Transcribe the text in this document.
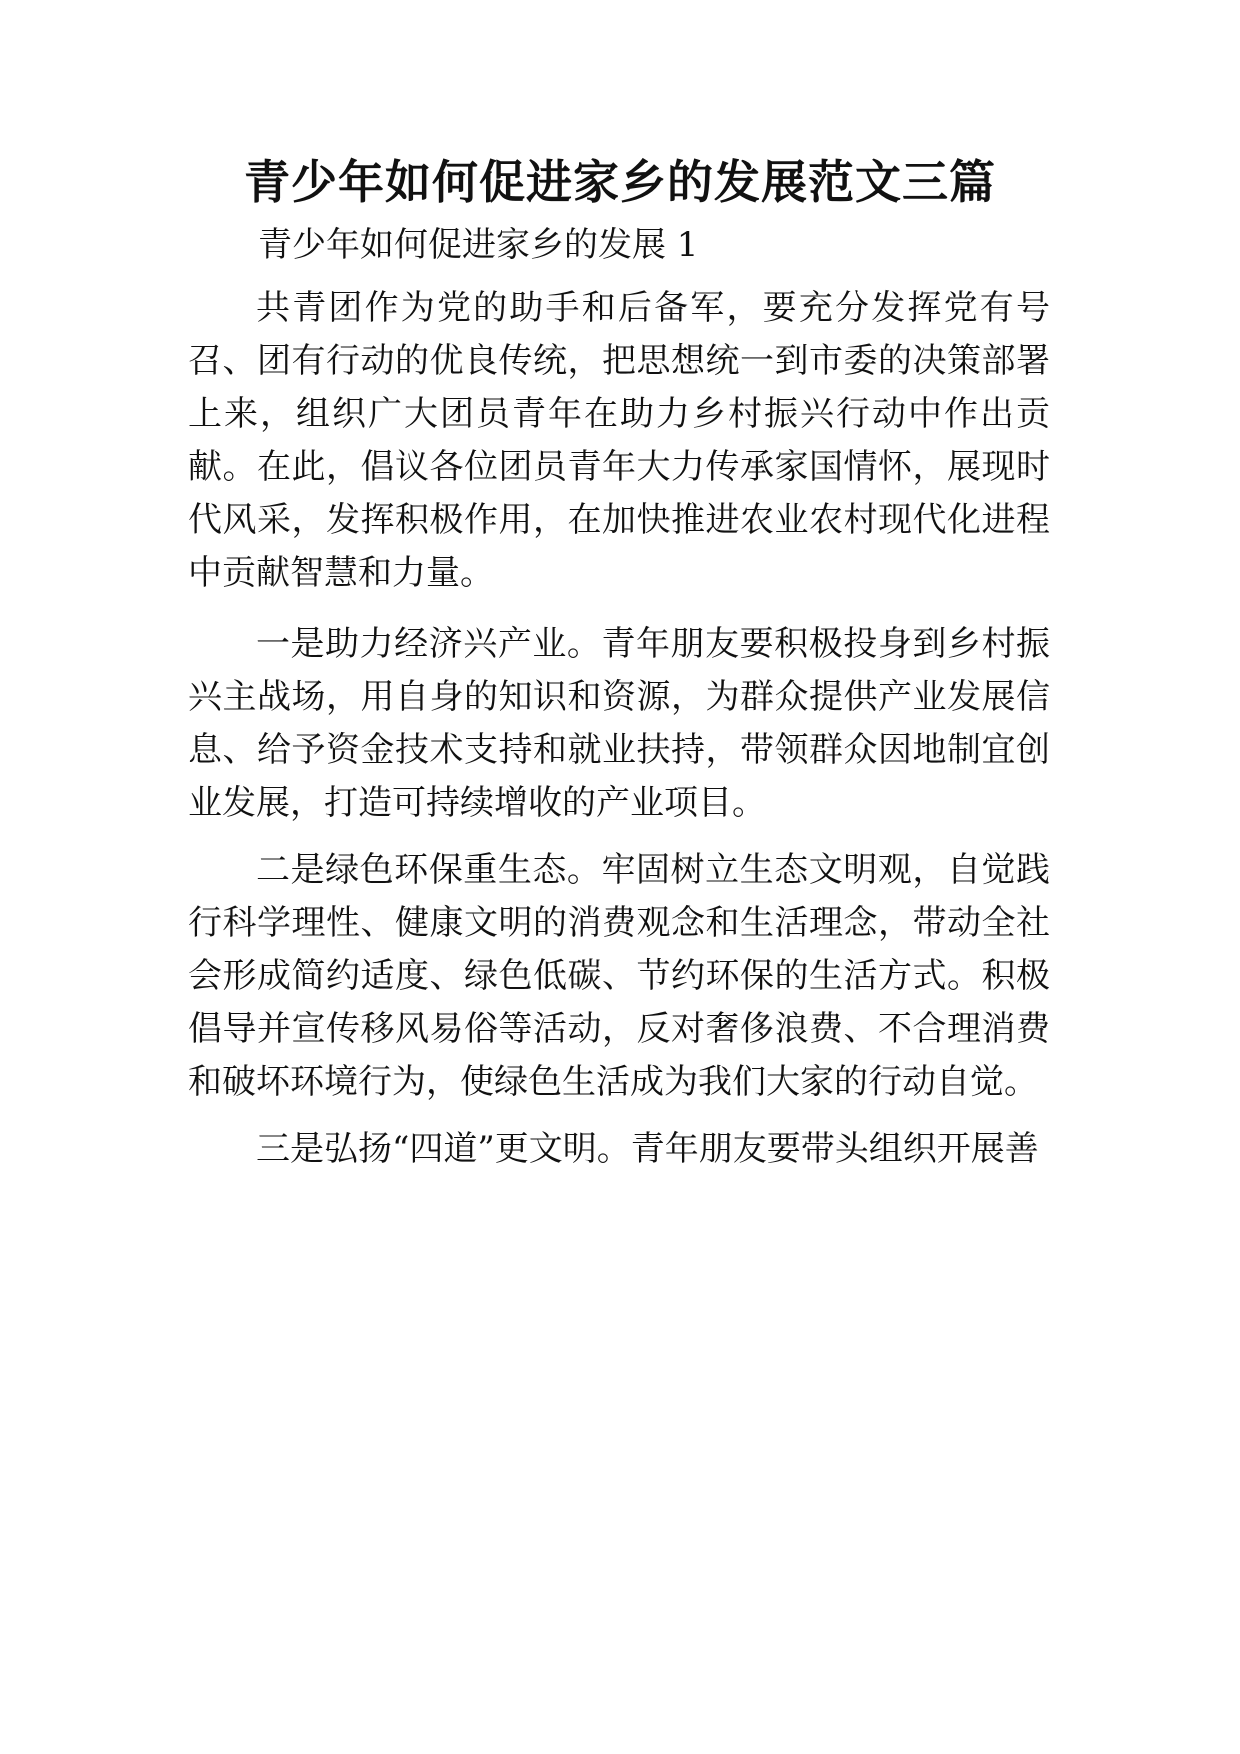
青少年如何促进家乡的发展范文三篇

青少年如何促进家乡的发展 1

共青团作为党的助手和后备军，要充分发挥党有号召、团有行动的优良传统，把思想统一到市委的决策部署上来，组织广大团员青年在助力乡村振兴行动中作出贡献。在此，倡议各位团员青年大力传承家国情怀，展现时代风采，发挥积极作用，在加快推进农业农村现代化进程中贡献智慧和力量。

一是助力经济兴产业。青年朋友要积极投身到乡村振兴主战场，用自身的知识和资源，为群众提供产业发展信息、给予资金技术支持和就业扶持，带领群众因地制宜创业发展，打造可持续增收的产业项目。

二是绿色环保重生态。牢固树立生态文明观，自觉践行科学理性、健康文明的消费观念和生活理念，带动全社会形成简约适度、绿色低碳、节约环保的生活方式。积极倡导并宣传移风易俗等活动，反对奢侈浪费、不合理消费和破坏环境行为，使绿色生活成为我们大家的行动自觉。

三是弘扬“四道”更文明。青年朋友要带头组织开展善
